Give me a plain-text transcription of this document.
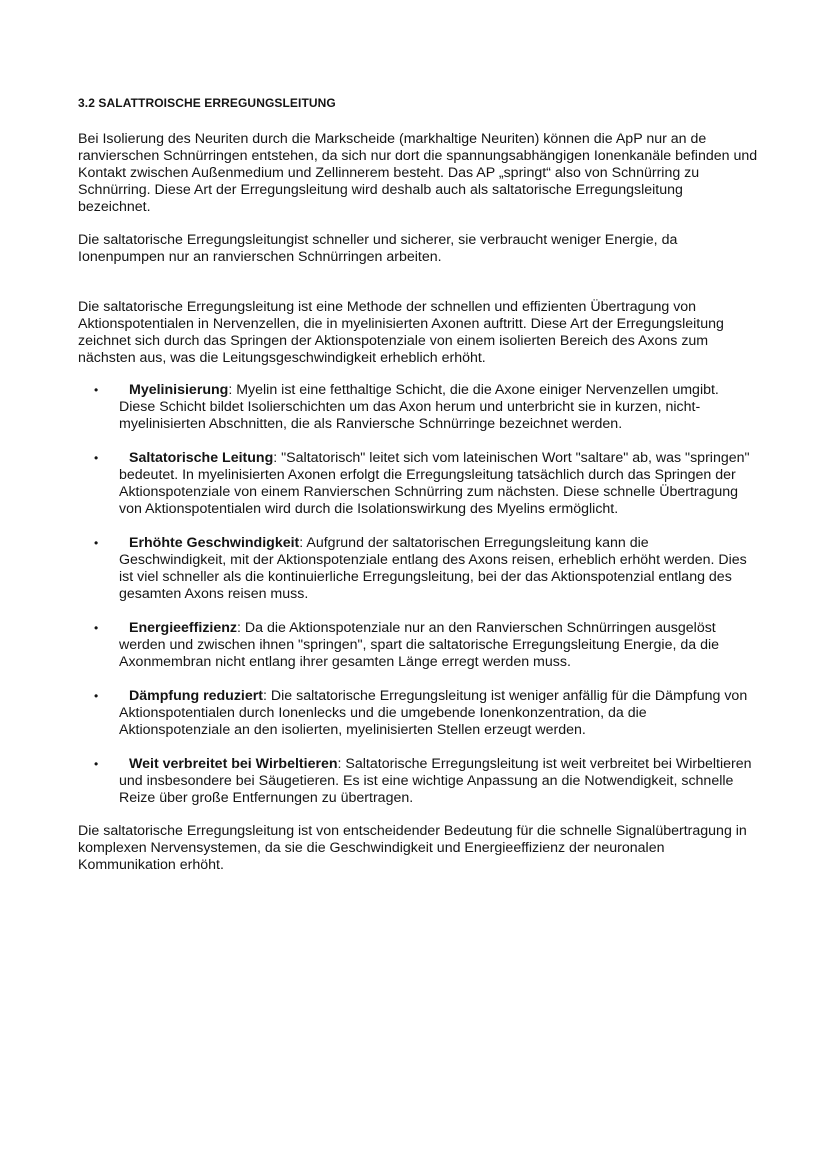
3.2 SALATTROISCHE ERREGUNGSLEITUNG

Bei Isolierung des Neuriten durch die Markscheide (markhaltige Neuriten) können die ApP nur an de ranvierschen Schnürringen entstehen, da sich nur dort die spannungsabhängigen Ionenkanäle befinden und Kontakt zwischen Außenmedium und Zellinnerem besteht. Das AP „springt“ also von Schnürring zu Schnürring. Diese Art der Erregungsleitung wird deshalb auch als saltatorische Erregungsleitung bezeichnet.

Die saltatorische Erregungsleitungist schneller und sicherer, sie verbraucht weniger Energie, da Ionenpumpen nur an ranvierschen Schnürringen arbeiten.

Die saltatorische Erregungsleitung ist eine Methode der schnellen und effizienten Übertragung von Aktionspotentialen in Nervenzellen, die in myelinisierten Axonen auftritt. Diese Art der Erregungsleitung zeichnet sich durch das Springen der Aktionspotenziale von einem isolierten Bereich des Axons zum nächsten aus, was die Leitungsgeschwindigkeit erheblich erhöht.

• Myelinisierung: Myelin ist eine fetthaltige Schicht, die die Axone einiger Nervenzellen umgibt. Diese Schicht bildet Isolierschichten um das Axon herum und unterbricht sie in kurzen, nicht-myelinisierten Abschnitten, die als Ranviersche Schnürringe bezeichnet werden.
• Saltatorische Leitung: "Saltatorisch" leitet sich vom lateinischen Wort "saltare" ab, was "springen" bedeutet. In myelinisierten Axonen erfolgt die Erregungsleitung tatsächlich durch das Springen der Aktionspotenziale von einem Ranvierschen Schnürring zum nächsten. Diese schnelle Übertragung von Aktionspotentialen wird durch die Isolationswirkung des Myelins ermöglicht.
• Erhöhte Geschwindigkeit: Aufgrund der saltatorischen Erregungsleitung kann die Geschwindigkeit, mit der Aktionspotenziale entlang des Axons reisen, erheblich erhöht werden. Dies ist viel schneller als die kontinuierliche Erregungsleitung, bei der das Aktionspotenzial entlang des gesamten Axons reisen muss.
• Energieeffizienz: Da die Aktionspotenziale nur an den Ranvierschen Schnürringen ausgelöst werden und zwischen ihnen "springen", spart die saltatorische Erregungsleitung Energie, da die Axonmembran nicht entlang ihrer gesamten Länge erregt werden muss.
• Dämpfung reduziert: Die saltatorische Erregungsleitung ist weniger anfällig für die Dämpfung von Aktionspotentialen durch Ionenlecks und die umgebende Ionenkonzentration, da die Aktionspotenziale an den isolierten, myelinisierten Stellen erzeugt werden.
• Weit verbreitet bei Wirbeltieren: Saltatorische Erregungsleitung ist weit verbreitet bei Wirbeltieren und insbesondere bei Säugetieren. Es ist eine wichtige Anpassung an die Notwendigkeit, schnelle Reize über große Entfernungen zu übertragen.

Die saltatorische Erregungsleitung ist von entscheidender Bedeutung für die schnelle Signalübertragung in komplexen Nervensystemen, da sie die Geschwindigkeit und Energieeffizienz der neuronalen Kommunikation erhöht.
